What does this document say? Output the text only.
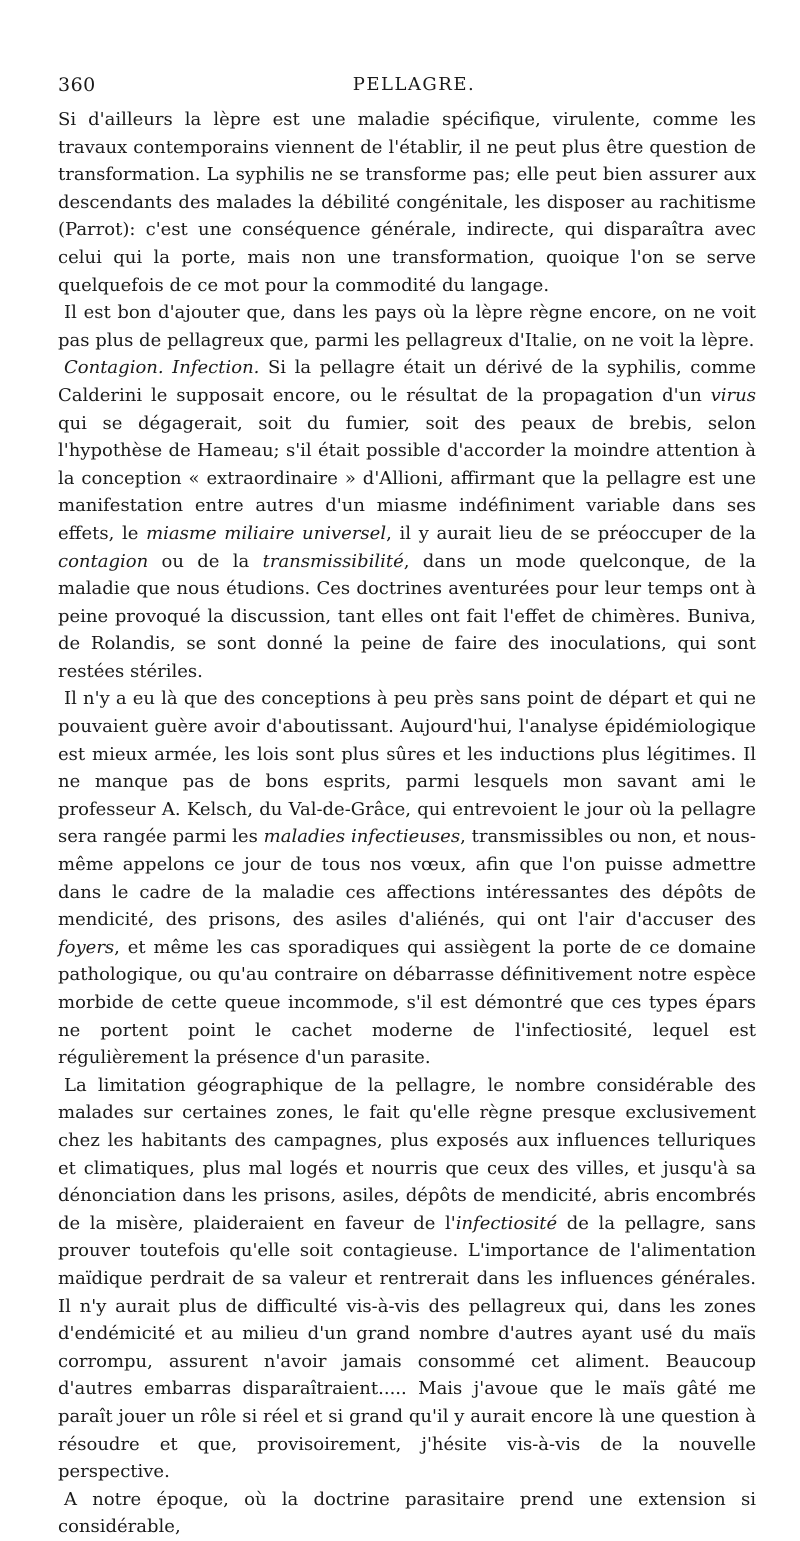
360	PELLAGRE.

Si d'ailleurs la lèpre est une maladie spécifique, virulente, comme les travaux contemporains viennent de l'établir, il ne peut plus être question de transformation. La syphilis ne se transforme pas; elle peut bien assurer aux descendants des malades la débilité congénitale, les disposer au rachitisme (Parrot): c'est une conséquence générale, indirecte, qui disparaîtra avec celui qui la porte, mais non une transformation, quoique l'on se serve quelquefois de ce mot pour la commodité du langage.

Il est bon d'ajouter que, dans les pays où la lèpre règne encore, on ne voit pas plus de pellagreux que, parmi les pellagreux d'Italie, on ne voit la lèpre.

Contagion. Infection. Si la pellagre était un dérivé de la syphilis, comme Calderini le supposait encore, ou le résultat de la propagation d'un virus qui se dégagerait, soit du fumier, soit des peaux de brebis, selon l'hypothèse de Hameau; s'il était possible d'accorder la moindre attention à la conception « extraordinaire » d'Allioni, affirmant que la pellagre est une manifestation entre autres d'un miasme indéfiniment variable dans ses effets, le miasme miliaire universel, il y aurait lieu de se préoccuper de la contagion ou de la transmissibilité, dans un mode quelconque, de la maladie que nous étudions. Ces doctrines aventurées pour leur temps ont à peine provoqué la discussion, tant elles ont fait l'effet de chimères. Buniva, de Rolandis, se sont donné la peine de faire des inoculations, qui sont restées stériles.

Il n'y a eu là que des conceptions à peu près sans point de départ et qui ne pouvaient guère avoir d'aboutissant. Aujourd'hui, l'analyse épidémiologique est mieux armée, les lois sont plus sûres et les inductions plus légitimes. Il ne manque pas de bons esprits, parmi lesquels mon savant ami le professeur A. Kelsch, du Val-de-Grâce, qui entrevoient le jour où la pellagre sera rangée parmi les maladies infectieuses, transmissibles ou non, et nous-même appelons ce jour de tous nos vœux, afin que l'on puisse admettre dans le cadre de la maladie ces affections intéressantes des dépôts de mendicité, des prisons, des asiles d'aliénés, qui ont l'air d'accuser des foyers, et même les cas sporadiques qui assiègent la porte de ce domaine pathologique, ou qu'au contraire on débarrasse définitivement notre espèce morbide de cette queue incommode, s'il est démontré que ces types épars ne portent point le cachet moderne de l'infectiosité, lequel est régulièrement la présence d'un parasite.

La limitation géographique de la pellagre, le nombre considérable des malades sur certaines zones, le fait qu'elle règne presque exclusivement chez les habitants des campagnes, plus exposés aux influences telluriques et climatiques, plus mal logés et nourris que ceux des villes, et jusqu'à sa dénonciation dans les prisons, asiles, dépôts de mendicité, abris encombrés de la misère, plaideraient en faveur de l'infectiosité de la pellagre, sans prouver toutefois qu'elle soit contagieuse. L'importance de l'alimentation maïdique perdrait de sa valeur et rentrerait dans les influences générales. Il n'y aurait plus de difficulté vis-à-vis des pellagreux qui, dans les zones d'endémicité et au milieu d'un grand nombre d'autres ayant usé du maïs corrompu, assurent n'avoir jamais consommé cet aliment. Beaucoup d'autres embarras disparaîtraient..... Mais j'avoue que le maïs gâté me paraît jouer un rôle si réel et si grand qu'il y aurait encore là une question à résoudre et que, provisoirement, j'hésite vis-à-vis de la nouvelle perspective.

A notre époque, où la doctrine parasitaire prend une extension si considérable,
